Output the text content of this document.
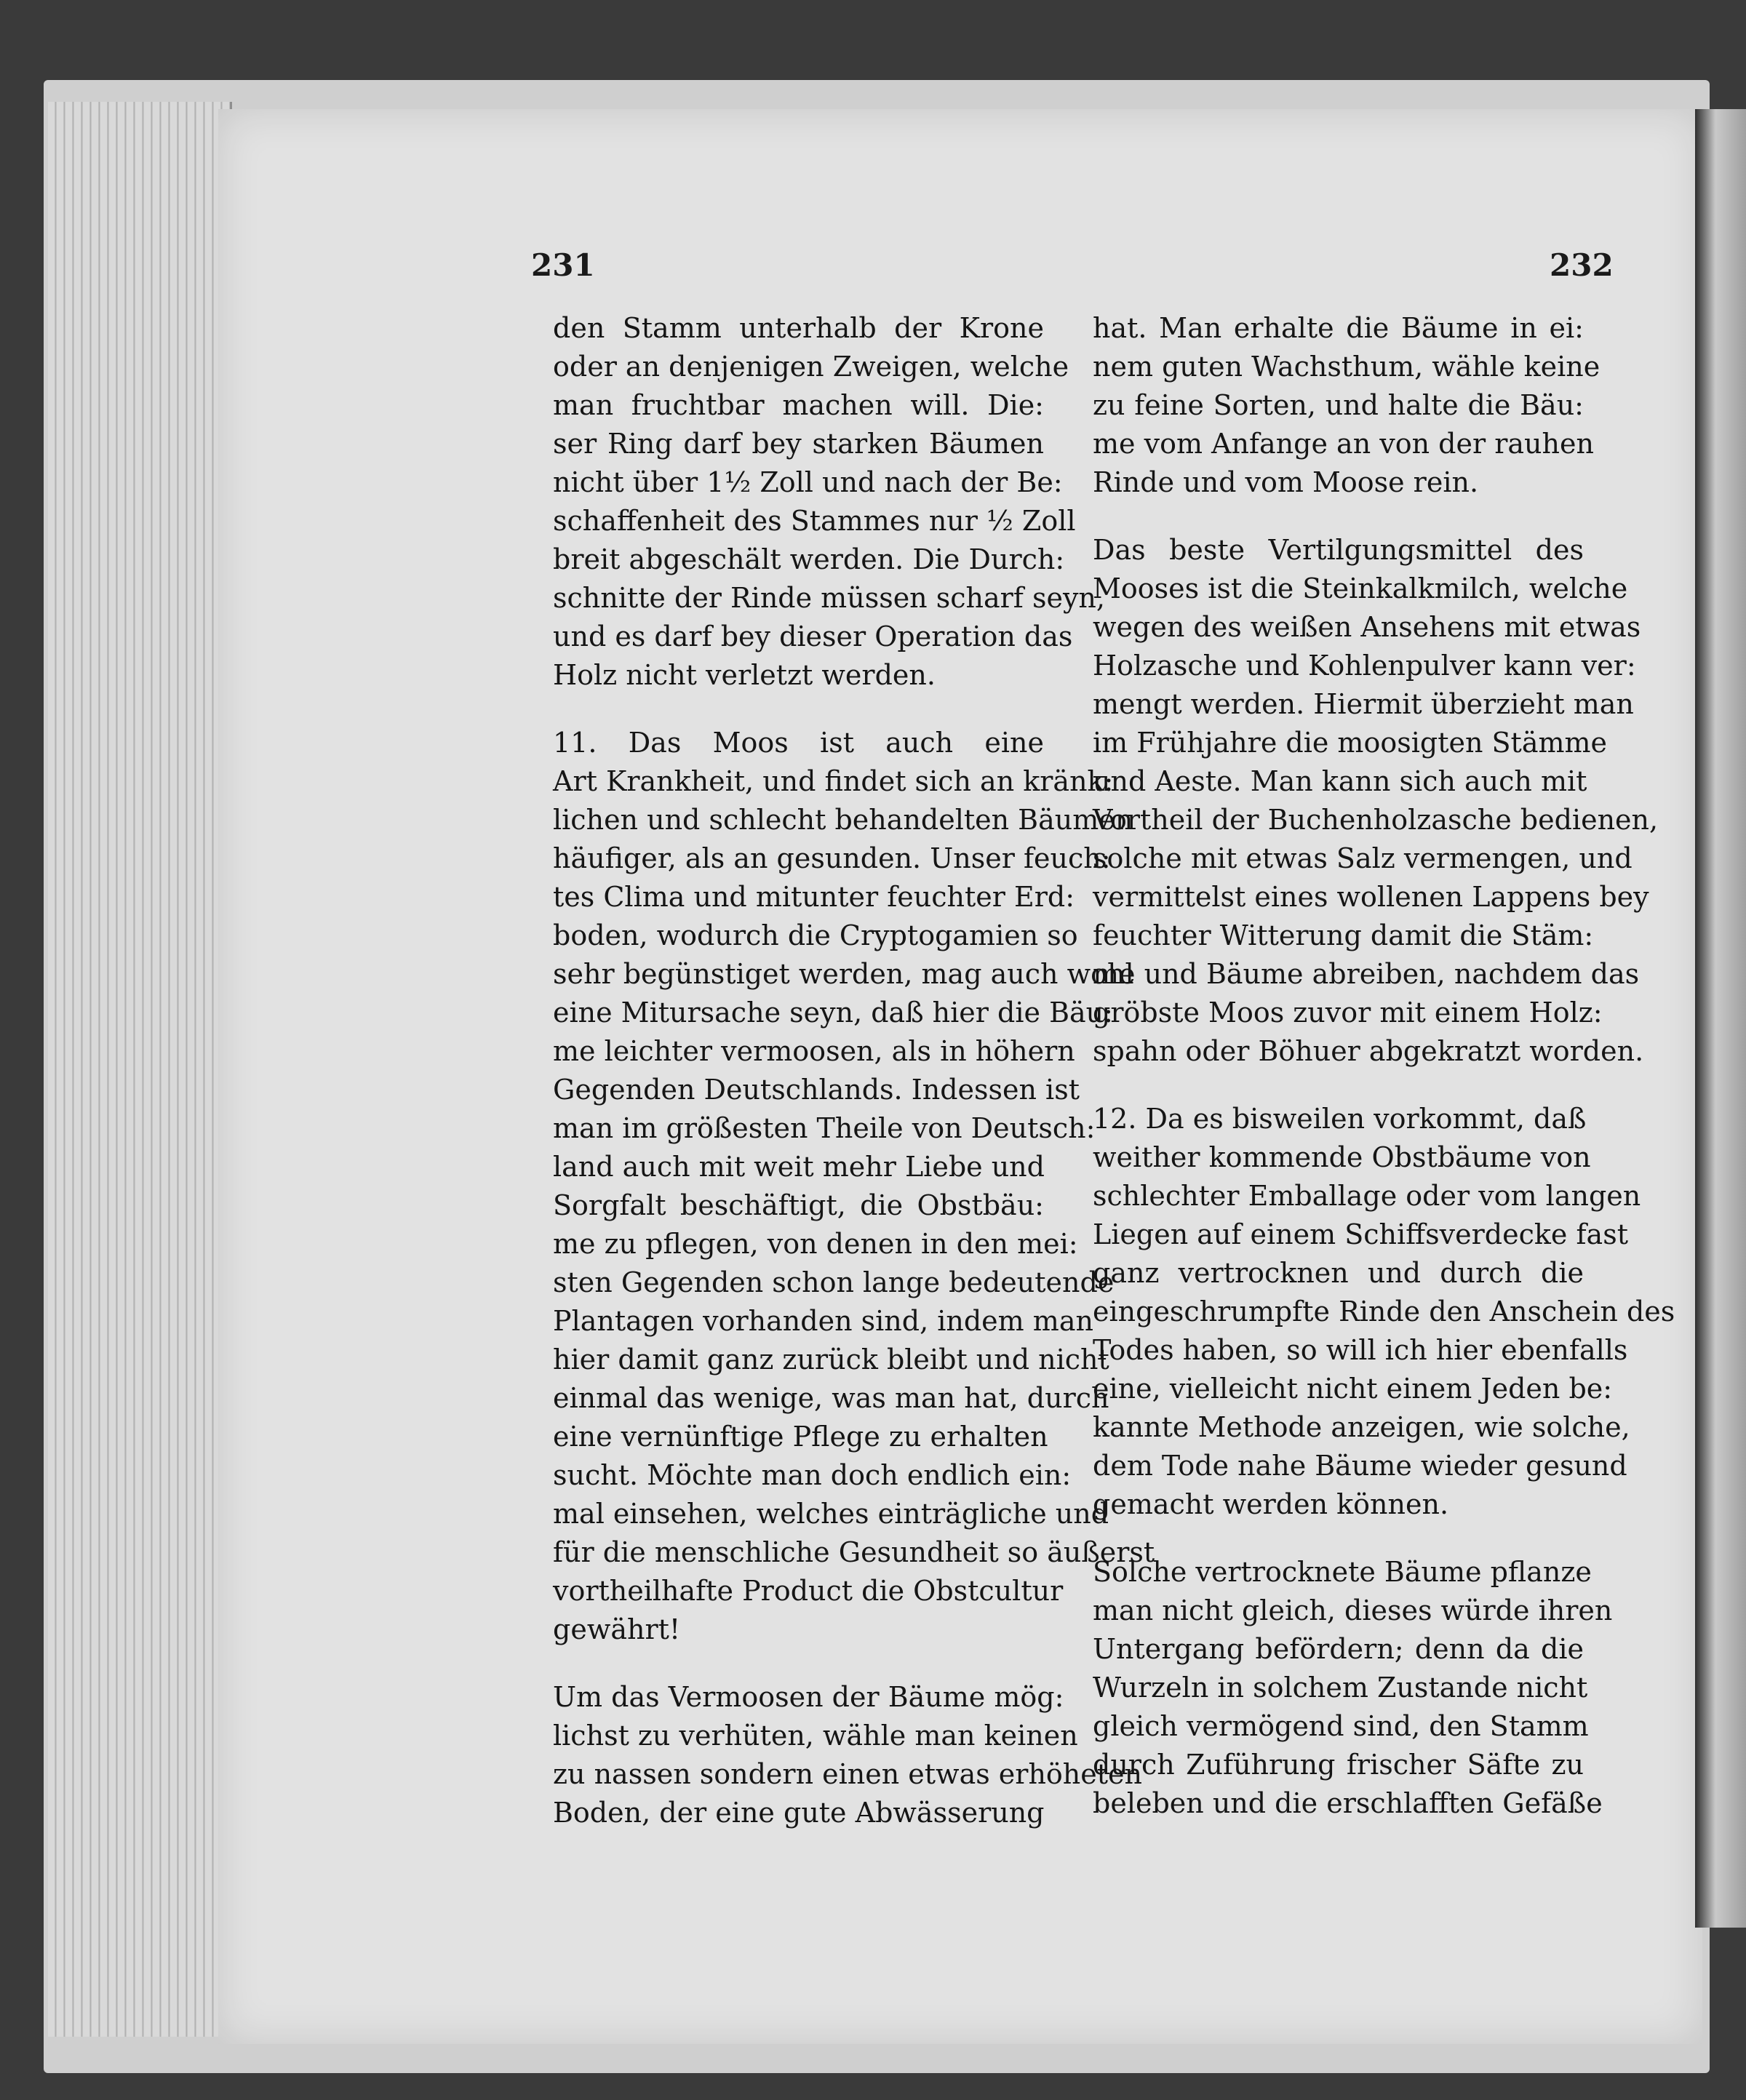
231	232
den Stamm unterhalb der Krone
oder an denjenigen Zweigen, welche
man fruchtbar machen will. Die:
ser Ring darf bey starken Bäumen
nicht über 1½ Zoll und nach der Be:
schaffenheit des Stammes nur ½ Zoll
breit abgeschält werden. Die Durch:
schnitte der Rinde müssen scharf seyn,
und es darf bey dieser Operation das
Holz nicht verletzt werden.
11. Das Moos ist auch eine
Art Krankheit, und findet sich an kränk:
lichen und schlecht behandelten Bäumen
häufiger, als an gesunden. Unser feuch:
tes Clima und mitunter feuchter Erd:
boden, wodurch die Cryptogamien so
sehr begünstiget werden, mag auch wohl
eine Mitursache seyn, daß hier die Bäu:
me leichter vermoosen, als in höhern
Gegenden Deutschlands. Indessen ist
man im größesten Theile von Deutsch:
land auch mit weit mehr Liebe und
Sorgfalt beschäftigt, die Obstbäu:
me zu pflegen, von denen in den mei:
sten Gegenden schon lange bedeutende
Plantagen vorhanden sind, indem man
hier damit ganz zurück bleibt und nicht
einmal das wenige, was man hat, durch
eine vernünftige Pflege zu erhalten
sucht. Möchte man doch endlich ein:
mal einsehen, welches einträgliche und
für die menschliche Gesundheit so äußerst
vortheilhafte Product die Obstcultur
gewährt!
Um das Vermoosen der Bäume mög:
lichst zu verhüten, wähle man keinen
zu nassen sondern einen etwas erhöheten
Boden, der eine gute Abwässerung
hat. Man erhalte die Bäume in ei:
nem guten Wachsthum, wähle keine
zu feine Sorten, und halte die Bäu:
me vom Anfange an von der rauhen
Rinde und vom Moose rein.
Das beste Vertilgungsmittel des
Mooses ist die Steinkalkmilch, welche
wegen des weißen Ansehens mit etwas
Holzasche und Kohlenpulver kann ver:
mengt werden. Hiermit überzieht man
im Frühjahre die moosigten Stämme
und Aeste. Man kann sich auch mit
Vortheil der Buchenholzasche bedienen,
solche mit etwas Salz vermengen, und
vermittelst eines wollenen Lappens bey
feuchter Witterung damit die Stäm:
me und Bäume abreiben, nachdem das
gröbste Moos zuvor mit einem Holz:
spahn oder Böhuer abgekratzt worden.
12. Da es bisweilen vorkommt, daß
weither kommende Obstbäume von
schlechter Emballage oder vom langen
Liegen auf einem Schiffsverdecke fast
ganz vertrocknen und durch die
eingeschrumpfte Rinde den Anschein des
Todes haben, so will ich hier ebenfalls
eine, vielleicht nicht einem Jeden be:
kannte Methode anzeigen, wie solche,
dem Tode nahe Bäume wieder gesund
gemacht werden können.
Solche vertrocknete Bäume pflanze
man nicht gleich, dieses würde ihren
Untergang befördern; denn da die
Wurzeln in solchem Zustande nicht
gleich vermögend sind, den Stamm
durch Zuführung frischer Säfte zu
beleben und die erschlafften Gefäße
